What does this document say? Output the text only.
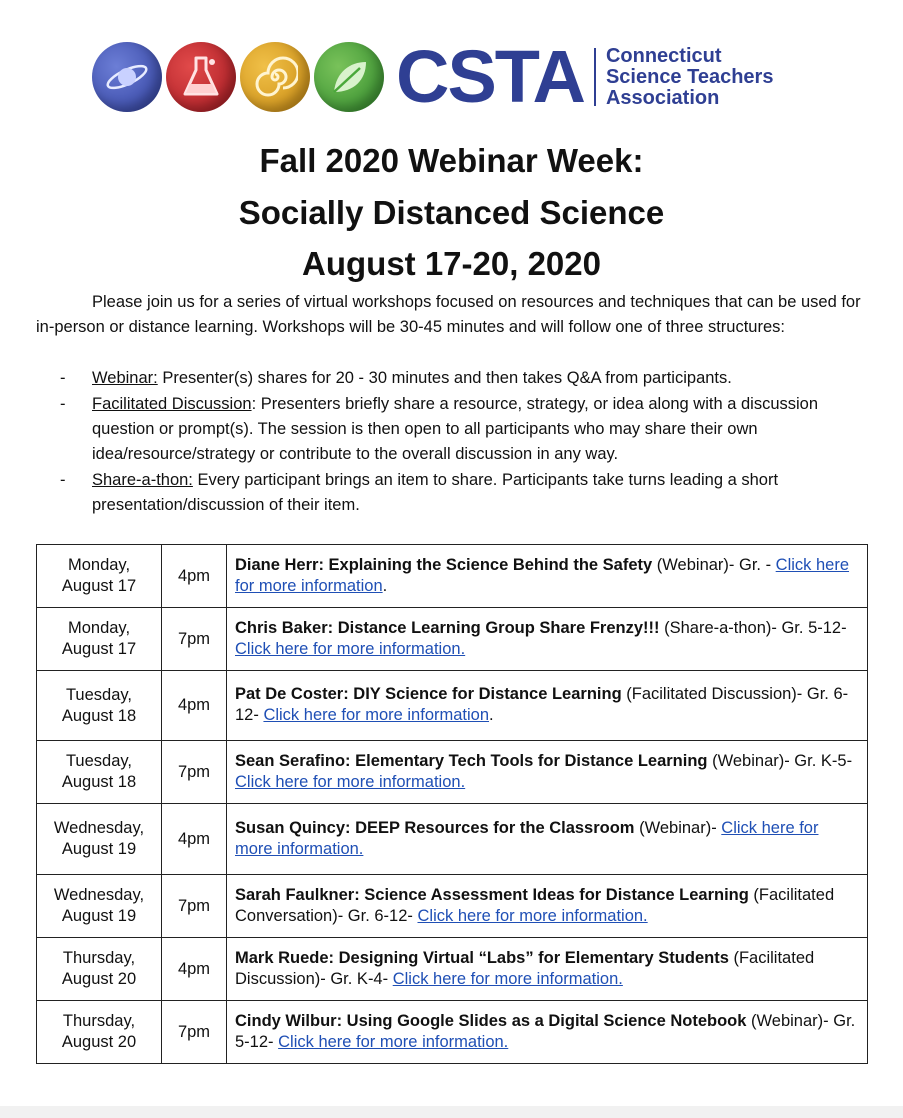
CSTA Connecticut
Science Teachers
Association
Fall 2020 Webinar Week:
Socially Distanced Science
August 17-20, 2020
Please join us for a series of virtual workshops focused on resources and techniques that can be used for in-person or distance learning. Workshops will be 30-45 minutes and will follow one of three structures:
-	Webinar: Presenter(s) shares for 20 - 30 minutes and then takes Q&A from participants.
-	Facilitated Discussion: Presenters briefly share a resource, strategy, or idea along with a discussion question or prompt(s). The session is then open to all participants who may share their own idea/resource/strategy or contribute to the overall discussion in any way.
-	Share-a-thon: Every participant brings an item to share. Participants take turns leading a short presentation/discussion of their item.
Monday,
August 17	4pm	Diane Herr: Explaining the Science Behind the Safety (Webinar)- Gr. - Click here for more information.

Monday,
August 17	7pm	Chris Baker: Distance Learning Group Share Frenzy!!! (Share-a-thon)- Gr. 5-12- Click here for more information.

Tuesday,
August 18	4pm	Pat De Coster: DIY Science for Distance Learning (Facilitated Discussion)- Gr. 6-12- Click here for more information.

Tuesday,
August 18	7pm	Sean Serafino: Elementary Tech Tools for Distance Learning (Webinar)- Gr. K-5- Click here for more information.

Wednesday,
August 19	4pm	Susan Quincy: DEEP Resources for the Classroom (Webinar)- Click here for more information.

Wednesday,
August 19	7pm	Sarah Faulkner: Science Assessment Ideas for Distance Learning (Facilitated Conversation)- Gr. 6-12- Click here for more information.

Thursday,
August 20	4pm	Mark Ruede: Designing Virtual “Labs” for Elementary Students (Facilitated Discussion)- Gr. K-4- Click here for more information.

Thursday,
August 20	7pm	Cindy Wilbur: Using Google Slides as a Digital Science Notebook (Webinar)- Gr. 5-12- Click here for more information.
